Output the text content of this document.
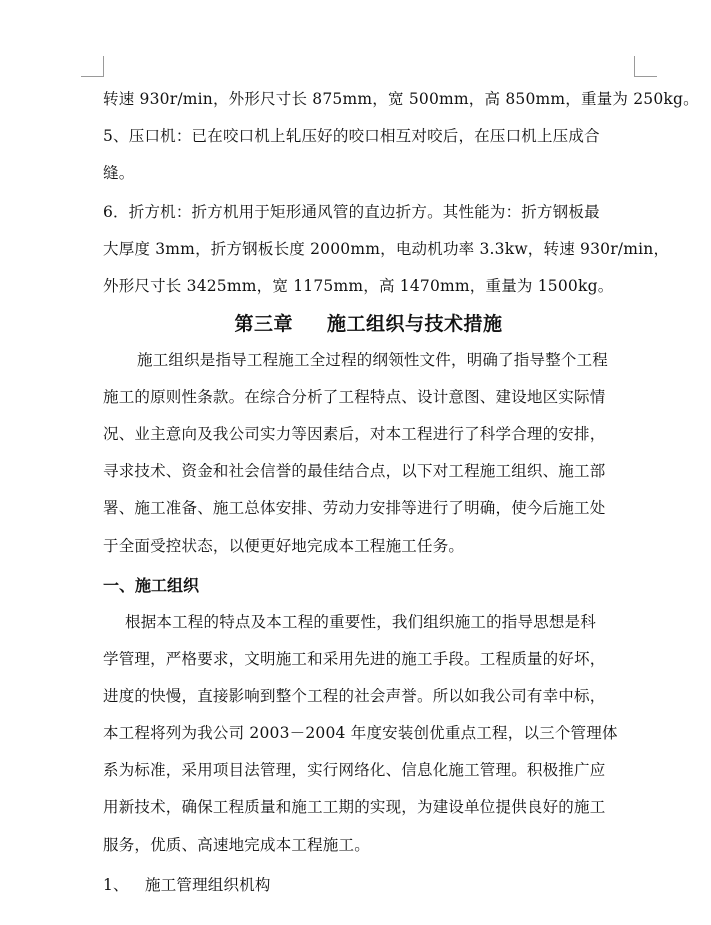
转速 930r/min，外形尺寸长 875mm，宽 500mm，高 850mm，重量为 250kg。
5、压口机：已在咬口机上轧压好的咬口相互对咬后，在压口机上压成合
缝。
6．折方机：折方机用于矩形通风管的直边折方。其性能为：折方钢板最
大厚度 3mm，折方钢板长度 2000mm，电动机功率 3.3kw，转速 930r/min，
外形尺寸长 3425mm，宽 1175mm，高 1470mm，重量为 1500kg。
第三章 施工组织与技术措施
施工组织是指导工程施工全过程的纲领性文件，明确了指导整个工程
施工的原则性条款。在综合分析了工程特点、设计意图、建设地区实际情
况、业主意向及我公司实力等因素后，对本工程进行了科学合理的安排，
寻求技术、资金和社会信誉的最佳结合点，以下对工程施工组织、施工部
署、施工准备、施工总体安排、劳动力安排等进行了明确，使今后施工处
于全面受控状态，以便更好地完成本工程施工任务。
一、施工组织
根据本工程的特点及本工程的重要性，我们组织施工的指导思想是科
学管理，严格要求，文明施工和采用先进的施工手段。工程质量的好坏，
进度的快慢，直接影响到整个工程的社会声誉。所以如我公司有幸中标，
本工程将列为我公司 2003－2004 年度安装创优重点工程，以三个管理体
系为标准，采用项目法管理，实行网络化、信息化施工管理。积极推广应
用新技术，确保工程质量和施工工期的实现，为建设单位提供良好的施工
服务，优质、高速地完成本工程施工。
1、 施工管理组织机构
